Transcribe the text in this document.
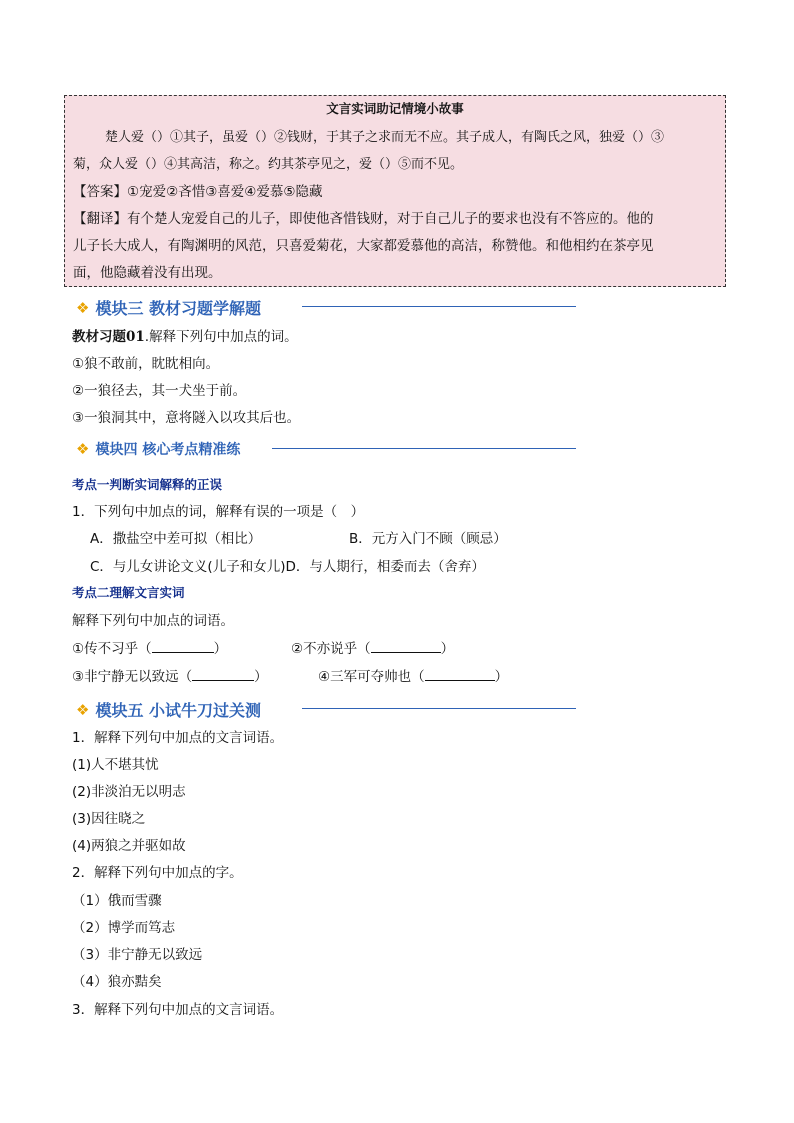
文言实词助记情境小故事
楚人爱（）①其子，虽爱（）②钱财，于其子之求而无不应。其子成人，有陶氏之风，独爱（）③
菊，众人爱（）④其高洁，称之。约其茶亭见之，爱（）⑤而不见。
【答案】①宠爱②吝惜③喜爱④爱慕⑤隐藏
【翻译】有个楚人宠爱自己的儿子，即使他吝惜钱财，对于自己儿子的要求也没有不答应的。他的
儿子长大成人，有陶渊明的风范，只喜爱菊花，大家都爱慕他的高洁，称赞他。和他相约在茶亭见
面，他隐藏着没有出现。
❖ 模块三 教材习题学解题
教材习题01.解释下列句中加点的词。
①狼不敢前，眈眈相向。
②一狼径去，其一犬坐于前。
③一狼洞其中，意将隧入以攻其后也。
❖ 模块四 核心考点精准练
考点一判断实词解释的正误
1．下列句中加点的词，解释有误的一项是（　）
A．撒盐空中差可拟（相比）	B．元方入门不顾（顾忌）
C．与儿女讲论文义(儿子和女儿)D．与人期行，相委而去（舍弃）
考点二理解文言实词
解释下列句中加点的词语。
①传不习乎（	）	②不亦说乎（	）
③非宁静无以致远（	）	④三军可夺帅也（	）
❖ 模块五 小试牛刀过关测
1．解释下列句中加点的文言词语。
(1)人不堪其忧
(2)非淡泊无以明志
(3)因往晓之
(4)两狼之并驱如故
2．解释下列句中加点的字。
（1）俄而雪骤
（2）博学而笃志
（3）非宁静无以致远
（4）狼亦黠矣
3．解释下列句中加点的文言词语。
